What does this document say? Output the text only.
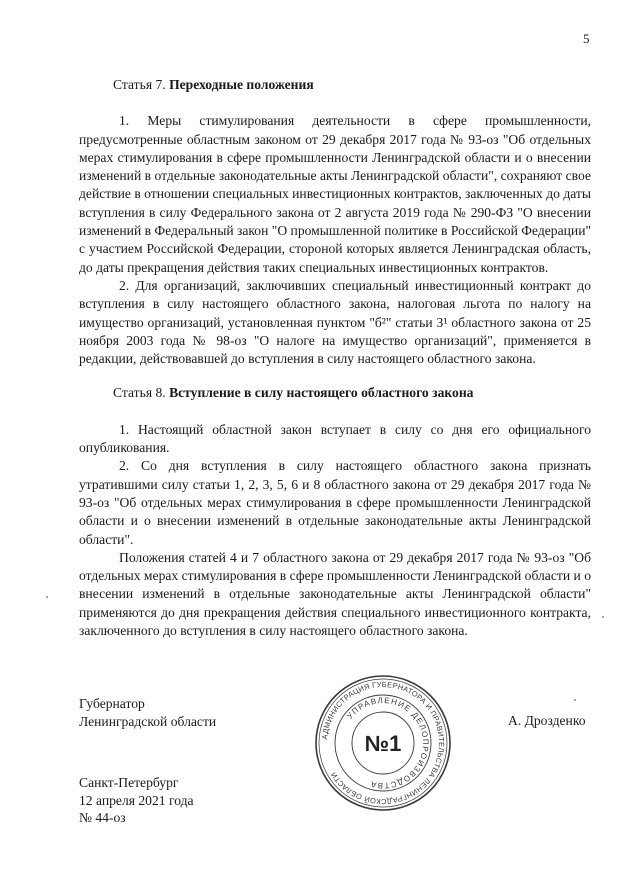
5

Статья 7. Переходные положения

1. Меры стимулирования деятельности в сфере промышленности, предусмотренные областным законом от 29 декабря 2017 года № 93-оз "Об отдельных мерах стимулирования в сфере промышленности Ленинградской области и о внесении изменений в отдельные законодательные акты Ленинградской области", сохраняют свое действие в отношении специальных инвестиционных контрактов, заключенных до даты вступления в силу Федерального закона от 2 августа 2019 года № 290-ФЗ "О внесении изменений в Федеральный закон "О промышленной политике в Российской Федерации" с участием Российской Федерации, стороной которых является Ленинградская область, до даты прекращения действия таких специальных инвестиционных контрактов.

2. Для организаций, заключивших специальный инвестиционный контракт до вступления в силу настоящего областного закона, налоговая льгота по налогу на имущество организаций, установленная пунктом "б²" статьи 3¹ областного закона от 25 ноября 2003 года № 98-оз "О налоге на имущество организаций", применяется в редакции, действовавшей до вступления в силу настоящего областного закона.

Статья 8. Вступление в силу настоящего областного закона

1. Настоящий областной закон вступает в силу со дня его официального опубликования.

2. Со дня вступления в силу настоящего областного закона признать утратившими силу статьи 1, 2, 3, 5, 6 и 8 областного закона от 29 декабря 2017 года № 93-оз "Об отдельных мерах стимулирования в сфере промышленности Ленинградской области и о внесении изменений в отдельные законодательные акты Ленинградской области".

Положения статей 4 и 7 областного закона от 29 декабря 2017 года № 93-оз "Об отдельных мерах стимулирования в сфере промышленности Ленинградской области и о внесении изменений в отдельные законодательные акты Ленинградской области" применяются до дня прекращения действия специального инвестиционного контракта, заключенного до вступления в силу настоящего областного закона.

Губернатор
Ленинградской области	А. Дрозденко
Санкт-Петербург
12 апреля 2021 года
№ 44-оз
АДМИНИСТРАЦИЯ ГУБЕРНАТОРА И ПРАВИТЕЛЬСТВА ЛЕНИНГРАДСКОЙ ОБЛАСТИ
УПРАВЛЕНИЕ ДЕЛОПРОИЗВОДСТВА
№1
